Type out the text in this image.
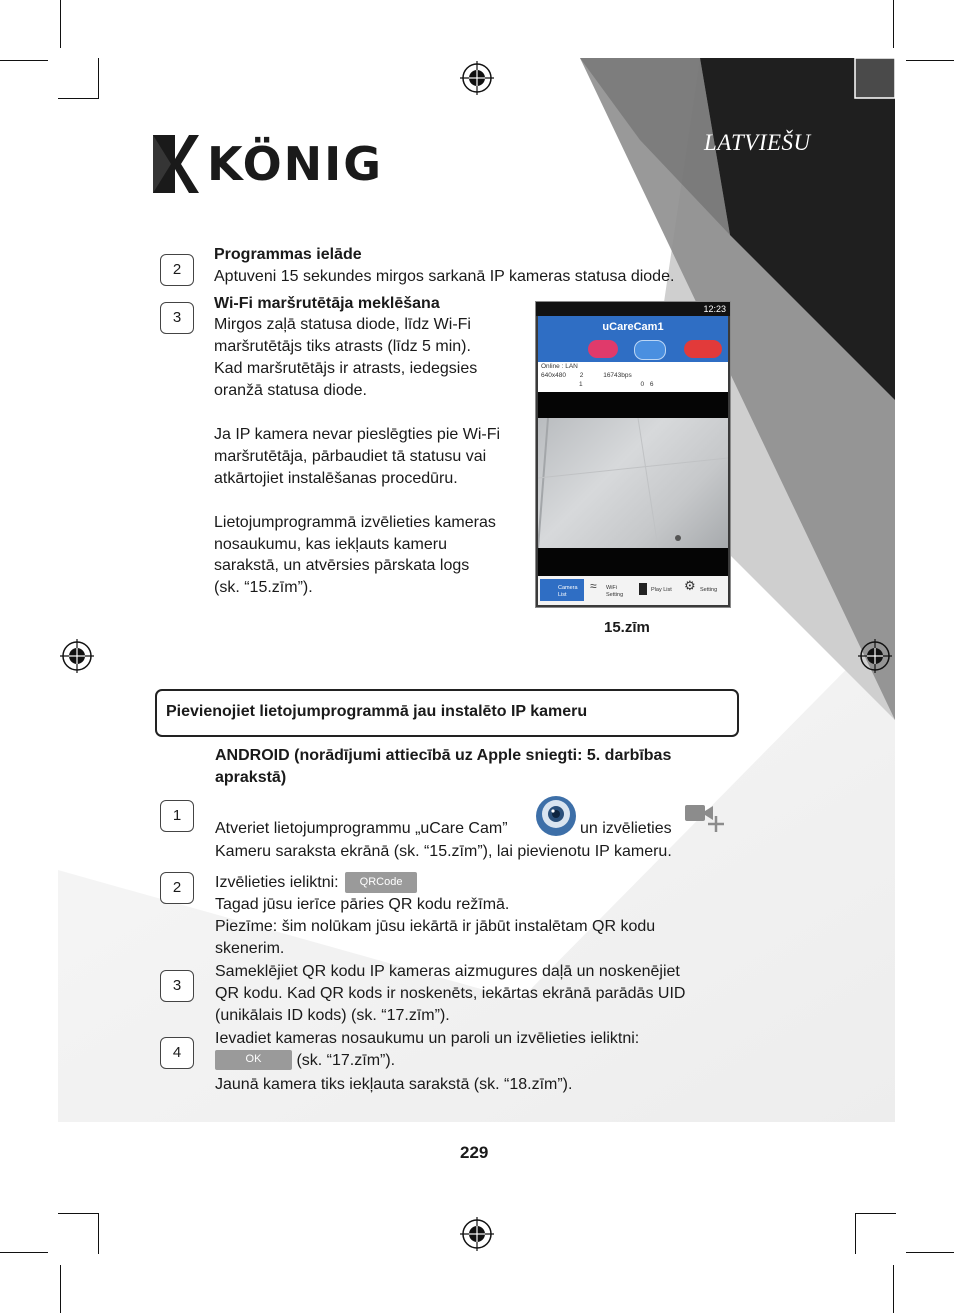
KÖNIG	LATVIEŠU
2
Programmas ielāde
Aptuveni 15 sekundes mirgos sarkanā IP kameras statusa diode.
3
Wi-Fi maršrutētāja meklēšana
Mirgos zaļā statusa diode, līdz Wi-Fi
maršrutētājs tiks atrasts (līdz 5 min).
Kad maršrutētājs ir atrasts, iedegsies
oranžā statusa diode.
Ja IP kamera nevar pieslēgties pie Wi-Fi
maršrutētāja, pārbaudiet tā statusu vai
atkārtojiet instalēšanas procedūru.
Lietojumprogrammā izvēlieties kameras
nosaukumu, kas iekļauts kameru
sarakstā, un atvērsies pārskata logs
(sk. “15.zīm”).
12:23
uCareCam1
Online : LAN
640x480 2	16743bps
1	0 6
Camera List
≈ WiFi Setting
Play List ⚙ Setting
15.zīm
Pievienojiet lietojumprogrammā jau instalēto IP kameru
ANDROID (norādījumi attiecībā uz Apple sniegti: 5. darbības
aprakstā)
1
Atveriet lietojumprogrammu „uCare Cam”	un izvēlieties
Kameru saraksta ekrānā (sk. “15.zīm”), lai pievienotu IP kameru.
2	Izvēlieties ieliktni: QRCode
Tagad jūsu ierīce pāries QR kodu režīmā.
Piezīme: šim nolūkam jūsu iekārtā ir jābūt instalētam QR kodu
skenerim.
3
Sameklējiet QR kodu IP kameras aizmugures daļā un noskenējiet
QR kodu. Kad QR kods ir noskenēts, iekārtas ekrānā parādās UID
(unikālais ID kods) (sk. “17.zīm”).
4
Ievadiet kameras nosaukumu un paroli un izvēlieties ieliktni:
OK (sk. “17.zīm”).
Jaunā kamera tiks iekļauta sarakstā (sk. “18.zīm”).
229
